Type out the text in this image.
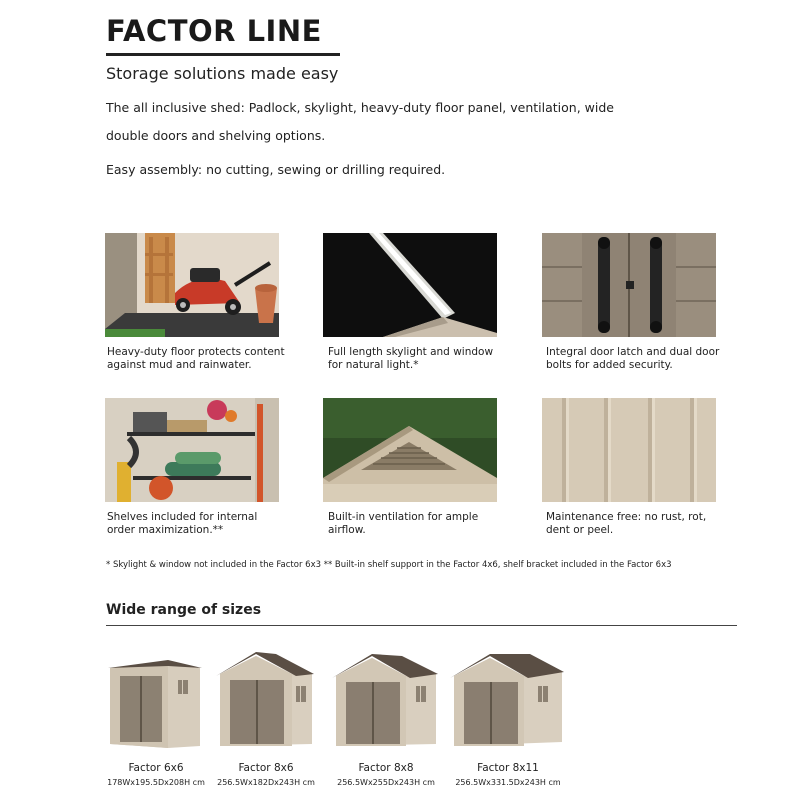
FACTOR LINE
Storage solutions made easy
The all inclusive shed: Padlock, skylight, heavy-duty floor panel, ventilation, wide double doors and shelving options.
Easy assembly: no cutting, sewing or drilling required.
Heavy-duty floor protects content against mud and rainwater.
Full length skylight and window for natural light.*
Integral door latch and dual door bolts for added security.
Shelves included for internal order maximization.**
Built-in ventilation for ample airflow.
Maintenance free: no rust, rot, dent or peel.
* Skylight & window not included in the Factor 6x3 ** Built-in shelf support in the Factor 4x6, shelf bracket included in the Factor 6x3
Wide range of sizes
Factor 6x6
178Wx195.5Dx208H cm
Factor 8x6
256.5Wx182Dx243H cm
Factor 8x8
256.5Wx255Dx243H cm
Factor 8x11
256.5Wx331.5Dx243H cm
